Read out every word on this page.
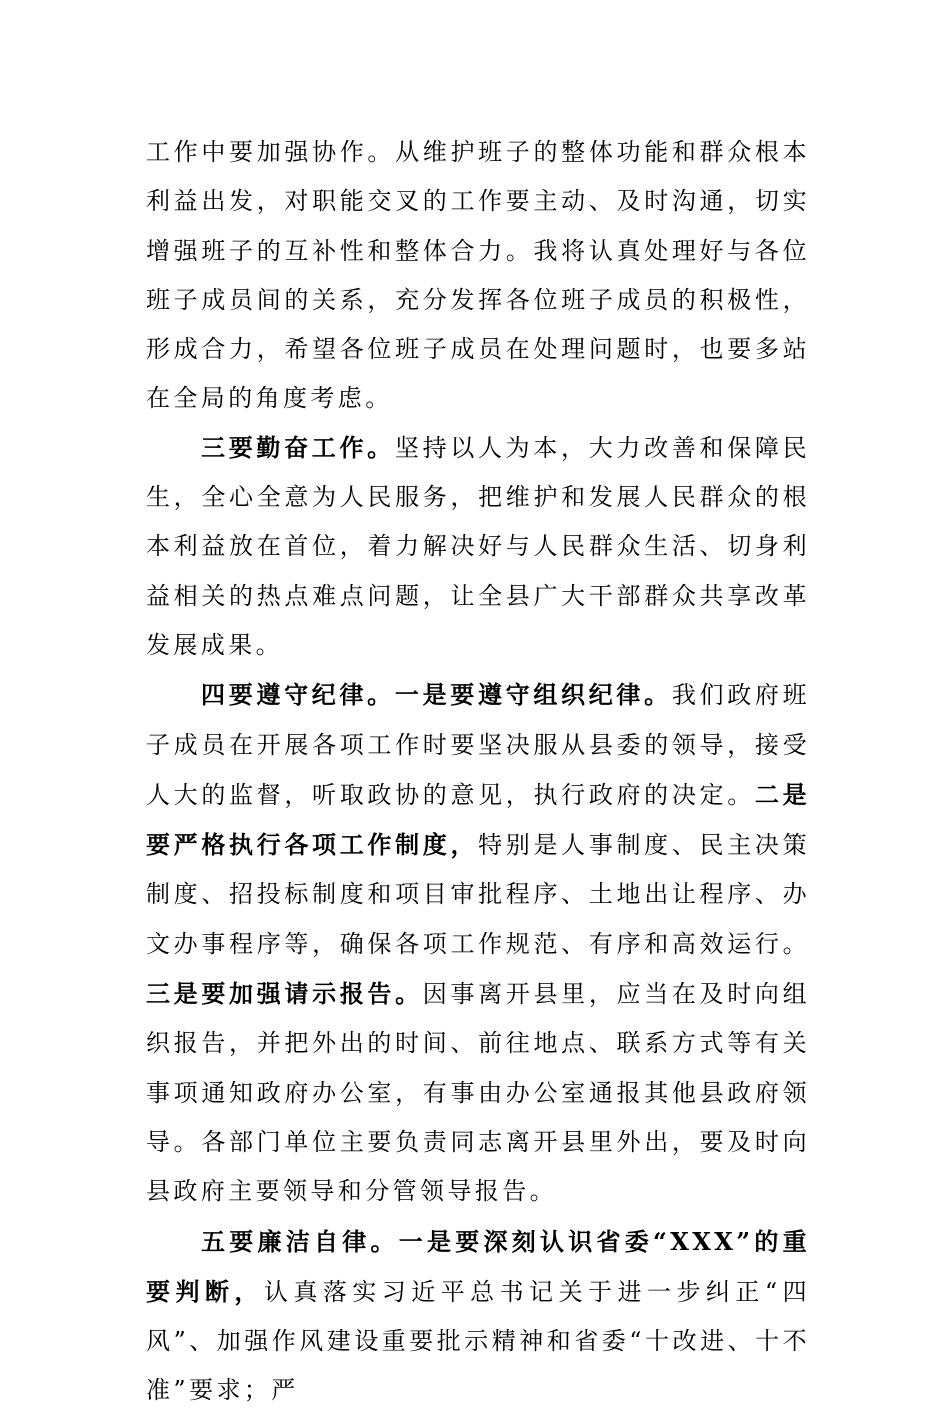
工作中要加强协作。从维护班子的整体功能和群众根本利益出发，对职能交叉的工作要主动、及时沟通，切实增强班子的互补性和整体合力。我将认真处理好与各位班子成员间的关系，充分发挥各位班子成员的积极性，形成合力，希望各位班子成员在处理问题时，也要多站在全局的角度考虑。

三要勤奋工作。坚持以人为本，大力改善和保障民生，全心全意为人民服务，把维护和发展人民群众的根本利益放在首位，着力解决好与人民群众生活、切身利益相关的热点难点问题，让全县广大干部群众共享改革发展成果。

四要遵守纪律。一是要遵守组织纪律。我们政府班子成员在开展各项工作时要坚决服从县委的领导，接受人大的监督，听取政协的意见，执行政府的决定。二是要严格执行各项工作制度，特别是人事制度、民主决策制度、招投标制度和项目审批程序、土地出让程序、办文办事程序等，确保各项工作规范、有序和高效运行。三是要加强请示报告。因事离开县里，应当在及时向组织报告，并把外出的时间、前往地点、联系方式等有关事项通知政府办公室，有事由办公室通报其他县政府领导。各部门单位主要负责同志离开县里外出，要及时向县政府主要领导和分管领导报告。

五要廉洁自律。一是要深刻认识省委“XXX”的重要判断，认真落实习近平总书记关于进一步纠正“四风”、加强作风建设重要批示精神和省委“十改进、十不准”要求；严
